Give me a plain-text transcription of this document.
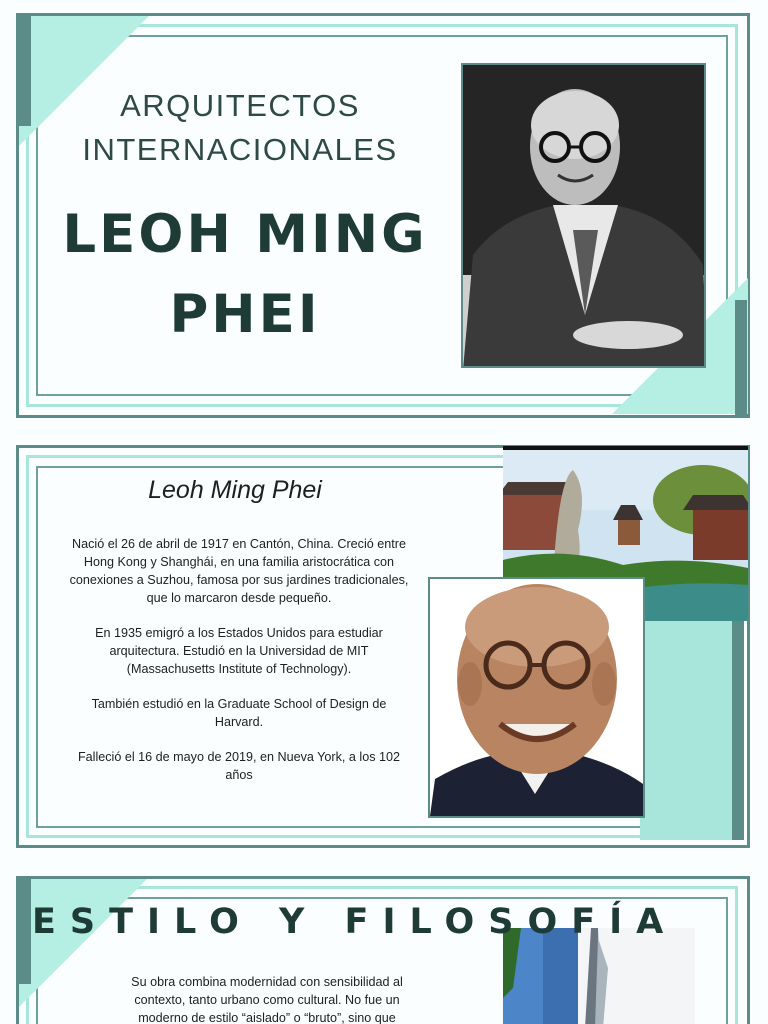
ARQUITECTOS
INTERNACIONALES
LEOH MING
PHEI
Leoh Ming Phei

Nació el 26 de abril de 1917 en Cantón, China. Creció entre Hong Kong y Shanghái, en una familia aristocrática con conexiones a Suzhou, famosa por sus jardines tradicionales, que lo marcaron desde pequeño.

En 1935 emigró a los Estados Unidos para estudiar arquitectura. Estudió en la Universidad de MIT (Massachusetts Institute of Technology).

También estudió en la Graduate School of Design de Harvard.

Falleció el 16 de mayo de 2019, en Nueva York, a los 102 años

ESTILO Y FILOSOFÍA
Su obra combina modernidad con sensibilidad al contexto, tanto urbano como cultural. No fue un moderno de estilo “aislado” o “bruto”, sino que
